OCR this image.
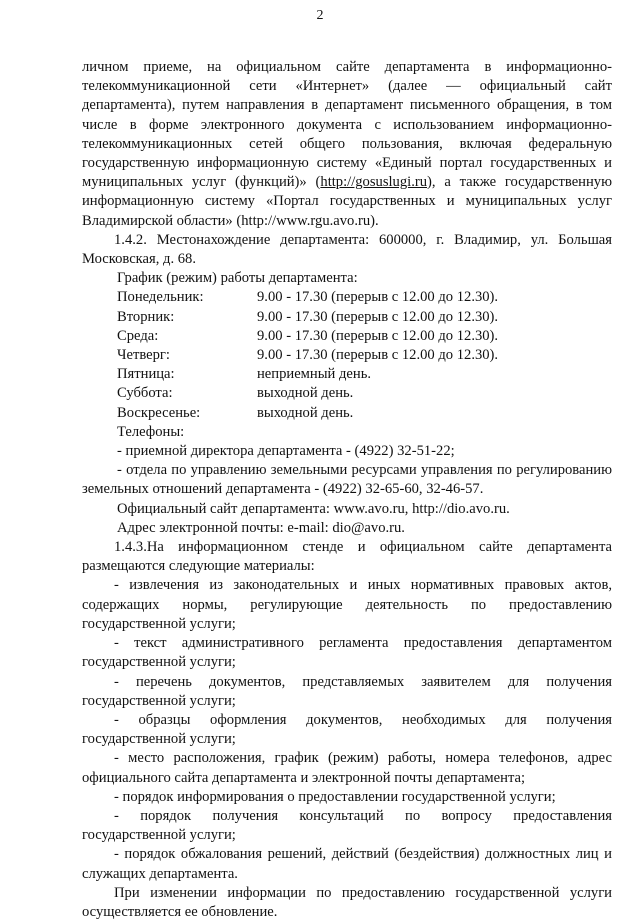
2

личном приеме, на официальном сайте департамента в информационно-телекоммуникационной сети «Интернет» (далее — официальный сайт департамента), путем направления в департамент письменного обращения, в том числе в форме электронного документа с использованием информационно-телекоммуникационных сетей общего пользования, включая федеральную государственную информационную систему «Единый портал государственных и муниципальных услуг (функций)» (http://gosuslugi.ru), а также государственную информационную систему «Портал государственных и муниципальных услуг Владимирской области» (http://www.rgu.avo.ru).

1.4.2. Местонахождение департамента: 600000, г. Владимир, ул. Большая Московская, д. 68.

График (режим) работы департамента:

Понедельник:	9.00 - 17.30 (перерыв с 12.00 до 12.30).
Вторник:	9.00 - 17.30 (перерыв с 12.00 до 12.30).
Среда:	9.00 - 17.30 (перерыв с 12.00 до 12.30).
Четверг:	9.00 - 17.30 (перерыв с 12.00 до 12.30).
Пятница:	неприемный день.
Суббота:	выходной день.
Воскресенье:	выходной день.

Телефоны:

- приемной директора департамента - (4922) 32-51-22;

- отдела по управлению земельными ресурсами управления по регулированию земельных отношений департамента - (4922) 32-65-60, 32-46-57.

Официальный сайт департамента: www.avo.ru, http://dio.avo.ru.

Адрес электронной почты: e-mail: dio@avo.ru.

1.4.3.На информационном стенде и официальном сайте департамента размещаются следующие материалы:

- извлечения из законодательных и иных нормативных правовых актов, содержащих нормы, регулирующие деятельность по предоставлению государственной услуги;

- текст административного регламента предоставления департаментом государственной услуги;

- перечень документов, представляемых заявителем для получения государственной услуги;

- образцы оформления документов, необходимых для получения государственной услуги;

- место расположения, график (режим) работы, номера телефонов, адрес официального сайта департамента и электронной почты департамента;

- порядок информирования о предоставлении государственной услуги;

- порядок получения консультаций по вопросу предоставления государственной услуги;

- порядок обжалования решений, действий (бездействия) должностных лиц и служащих департамента.

При изменении информации по предоставлению государственной услуги осуществляется ее обновление.
